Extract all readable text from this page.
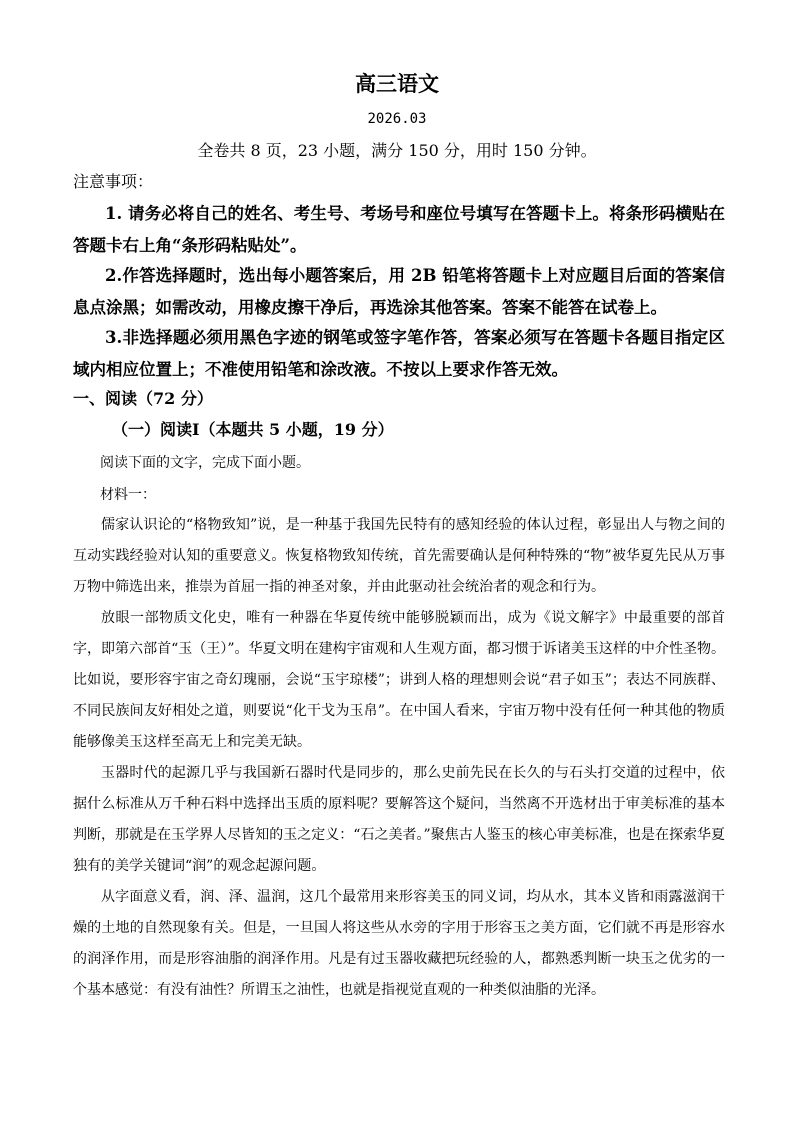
高三语文
2026.03
全卷共 8 页，23 小题，满分 150 分，用时 150 分钟。
注意事项：
1. 请务必将自己的姓名、考生号、考场号和座位号填写在答题卡上。将条形码横贴在答题卡右上角“条形码粘贴处”。
2.作答选择题时，选出每小题答案后，用 2B 铅笔将答题卡上对应题目后面的答案信息点涂黑；如需改动，用橡皮擦干净后，再选涂其他答案。答案不能答在试卷上。
3.非选择题必须用黑色字迹的钢笔或签字笔作答，答案必须写在答题卡各题目指定区域内相应位置上；不准使用铅笔和涂改液。不按以上要求作答无效。
一、阅读（72 分）
（一）阅读Ⅰ（本题共 5 小题，19 分）
阅读下面的文字，完成下面小题。
材料一：
儒家认识论的“格物致知”说，是一种基于我国先民特有的感知经验的体认过程，彰显出人与物之间的互动实践经验对认知的重要意义。恢复格物致知传统，首先需要确认是何种特殊的“物”被华夏先民从万事万物中筛选出来，推崇为首屈一指的神圣对象，并由此驱动社会统治者的观念和行为。
放眼一部物质文化史，唯有一种器在华夏传统中能够脱颖而出，成为《说文解字》中最重要的部首字，即第六部首“玉（王）”。华夏文明在建构宇宙观和人生观方面，都习惯于诉诸美玉这样的中介性圣物。比如说，要形容宇宙之奇幻瑰丽，会说“玉宇琼楼”；讲到人格的理想则会说“君子如玉”；表达不同族群、不同民族间友好相处之道，则要说“化干戈为玉帛”。在中国人看来，宇宙万物中没有任何一种其他的物质能够像美玉这样至高无上和完美无缺。
玉器时代的起源几乎与我国新石器时代是同步的，那么史前先民在长久的与石头打交道的过程中，依据什么标准从万千种石料中选择出玉质的原料呢？要解答这个疑问，当然离不开选材出于审美标准的基本判断，那就是在玉学界人尽皆知的玉之定义：“石之美者。”聚焦古人鉴玉的核心审美标准，也是在探索华夏独有的美学关键词“润”的观念起源问题。
从字面意义看，润、泽、温润，这几个最常用来形容美玉的同义词，均从水，其本义皆和雨露滋润干燥的土地的自然现象有关。但是，一旦国人将这些从水旁的字用于形容玉之美方面，它们就不再是形容水的润泽作用，而是形容油脂的润泽作用。凡是有过玉器收藏把玩经验的人，都熟悉判断一块玉之优劣的一个基本感觉：有没有油性？所谓玉之油性，也就是指视觉直观的一种类似油脂的光泽。
